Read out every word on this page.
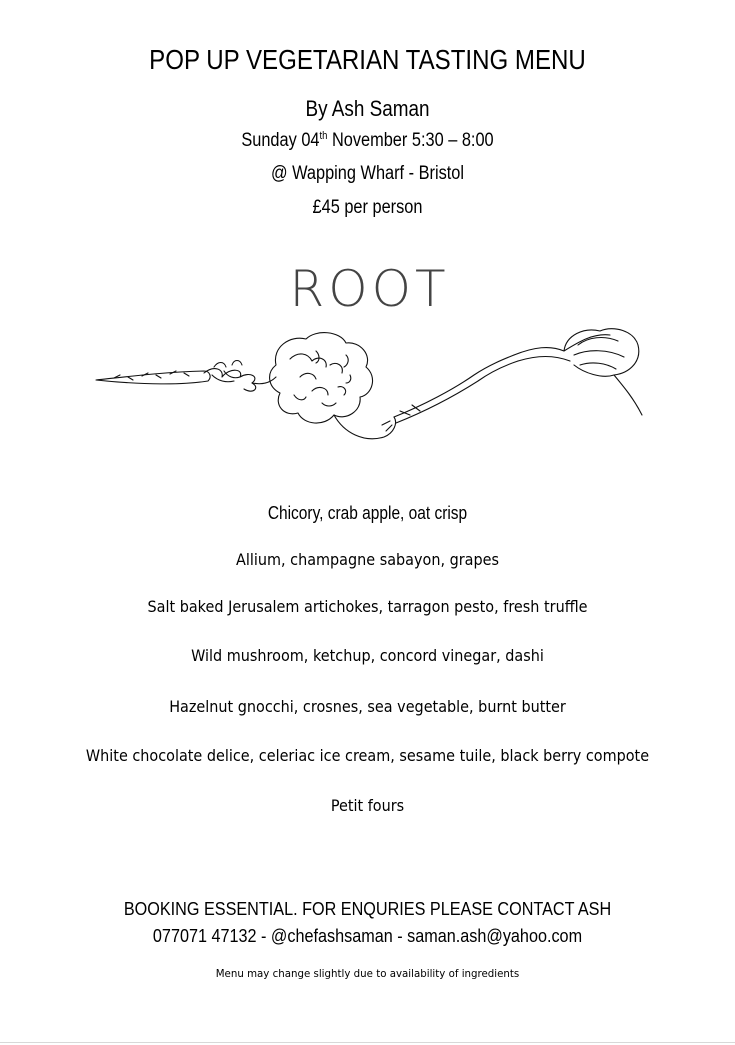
POP UP VEGETARIAN TASTING MENU
By Ash Saman
Sunday 04th November 5:30 – 8:00
@ Wapping Wharf - Bristol
£45 per person
ROOT
Chicory, crab apple, oat crisp
Allium, champagne sabayon, grapes
Salt baked Jerusalem artichokes, tarragon pesto, fresh truffle
Wild mushroom, ketchup, concord vinegar, dashi
Hazelnut gnocchi, crosnes, sea vegetable, burnt butter
White chocolate delice, celeriac ice cream, sesame tuile, black berry compote
Petit fours
BOOKING ESSENTIAL. FOR ENQURIES PLEASE CONTACT ASH
077071 47132 - @chefashsaman - saman.ash@yahoo.com
Menu may change slightly due to availability of ingredients
